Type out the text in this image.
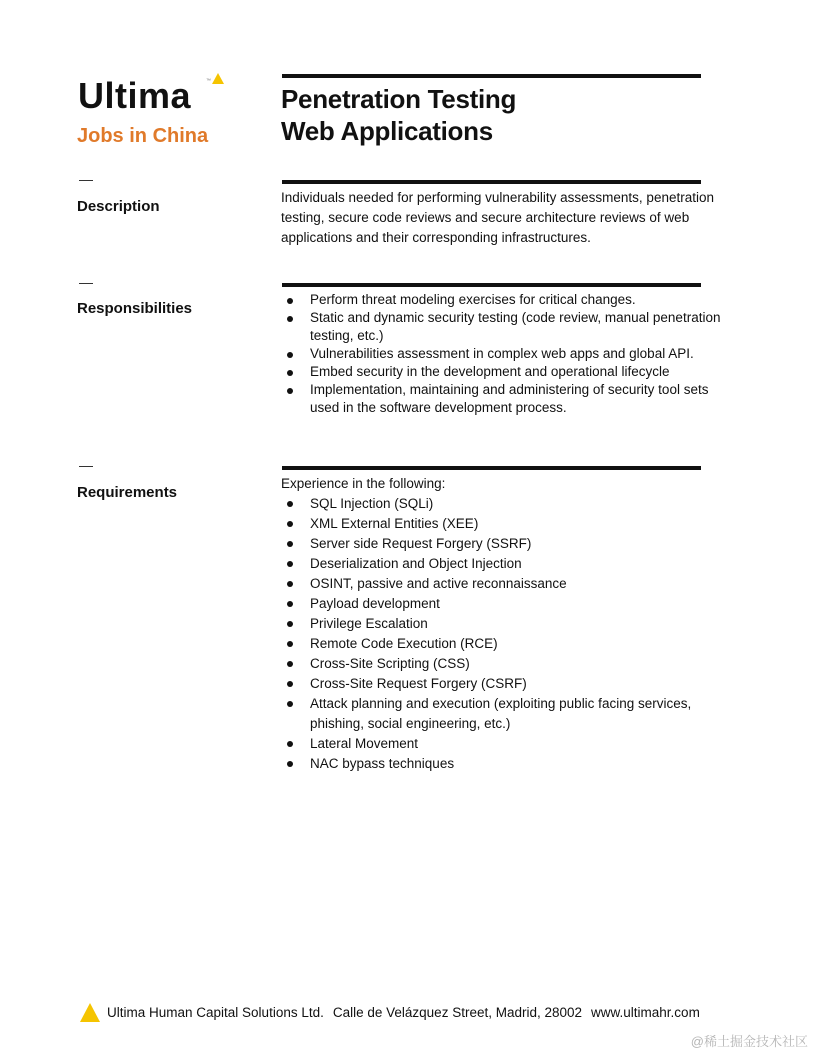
Ultima	™
Jobs in China
Penetration Testing
Web Applications
Description
Individuals needed for performing vulnerability assessments, penetration testing, secure code reviews and secure architecture reviews of web applications and their corresponding infrastructures.
Responsibilities
Perform threat modeling exercises for critical changes.
Static and dynamic security testing (code review, manual penetration testing, etc.)
Vulnerabilities assessment in complex web apps and global API.
Embed security in the development and operational lifecycle
Implementation, maintaining and administering of security tool sets used in the software development process.
Requirements
Experience in the following:
SQL Injection (SQLi)
XML External Entities (XEE)
Server side Request Forgery (SSRF)
Deserialization and Object Injection
OSINT, passive and active reconnaissance
Payload development
Privilege Escalation
Remote Code Execution (RCE)
Cross-Site Scripting (CSS)
Cross-Site Request Forgery (CSRF)
Attack planning and execution (exploiting public facing services, phishing, social engineering, etc.)
Lateral Movement
NAC bypass techniques
Ultima Human Capital Solutions Ltd. Calle de Velázquez Street, Madrid, 28002 www.ultimahr.com
@稀土掘金技术社区
